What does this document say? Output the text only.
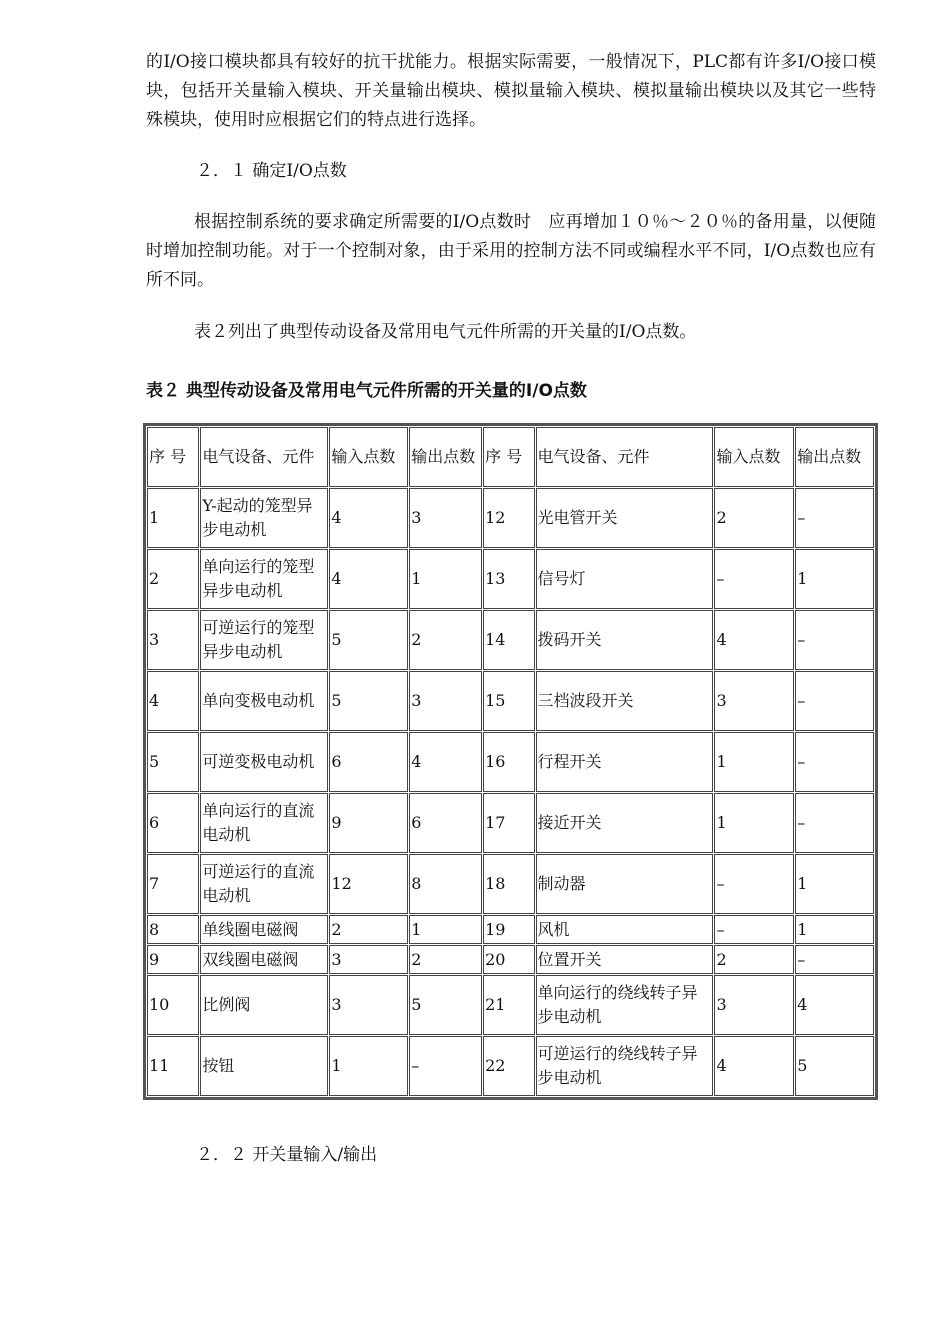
的I/O接口模块都具有较好的抗干扰能力。根据实际需要，一般情况下，PLC都有许多I/O接口模块，包括开关量输入模块、开关量输出模块、模拟量输入模块、模拟量输出模块以及其它一些特殊模块，使用时应根据它们的特点进行选择。

２．１ 确定I/O点数

根据控制系统的要求确定所需要的I/O点数时　应再增加１０％～２０％的备用量，以便随时增加控制功能。对于一个控制对象，由于采用的控制方法不同或编程水平不同，I/O点数也应有所不同。

表２列出了典型传动设备及常用电气元件所需的开关量的I/O点数。

表２ 典型传动设备及常用电气元件所需的开关量的I/O点数

序 号	电气设备、元件	输入点数	输出点数	序 号	电气设备、元件	输入点数	输出点数
1	Y-起动的笼型异步电动机	4	3	12	光电管开关	2	–
2	单向运行的笼型异步电动机	4	1	13	信号灯	–	1
3	可逆运行的笼型异步电动机	5	2	14	拨码开关	4	–
4	单向变极电动机	5	3	15	三档波段开关	3	–
5	可逆变极电动机	6	4	16	行程开关	1	–
6	单向运行的直流电动机	9	6	17	接近开关	1	–
7	可逆运行的直流电动机	12	8	18	制动器	–	1
8	单线圈电磁阀	2	1	19	风机	–	1
9	双线圈电磁阀	3	2	20	位置开关	2	–
10	比例阀	3	5	21	单向运行的绕线转子异步电动机	3	4
11	按钮	1	–	22	可逆运行的绕线转子异步电动机	4	5

２．２ 开关量输入/输出
